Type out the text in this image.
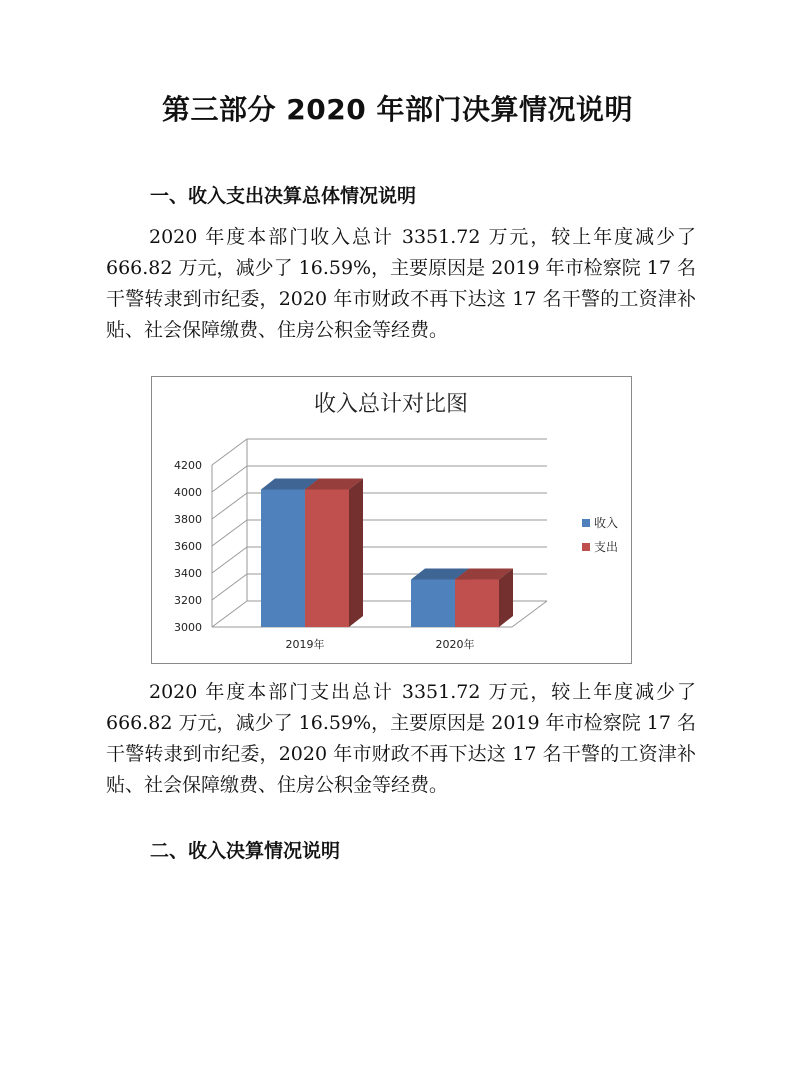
第三部分 2020 年部门决算情况说明
一、收入支出决算总体情况说明
2020 年度本部门收入总计 3351.72 万元，较上年度减少了 666.82 万元，减少了 16.59%，主要原因是 2019 年市检察院 17 名干警转隶到市纪委，2020 年市财政不再下达这 17 名干警的工资津补贴、社会保障缴费、住房公积金等经费。
收入总计对比图
3000
3200
3400
3600
3800
4000
4200
2019年	2020年
收入
支出
2020 年度本部门支出总计 3351.72 万元，较上年度减少了 666.82 万元，减少了 16.59%，主要原因是 2019 年市检察院 17 名干警转隶到市纪委，2020 年市财政不再下达这 17 名干警的工资津补贴、社会保障缴费、住房公积金等经费。
二、收入决算情况说明
